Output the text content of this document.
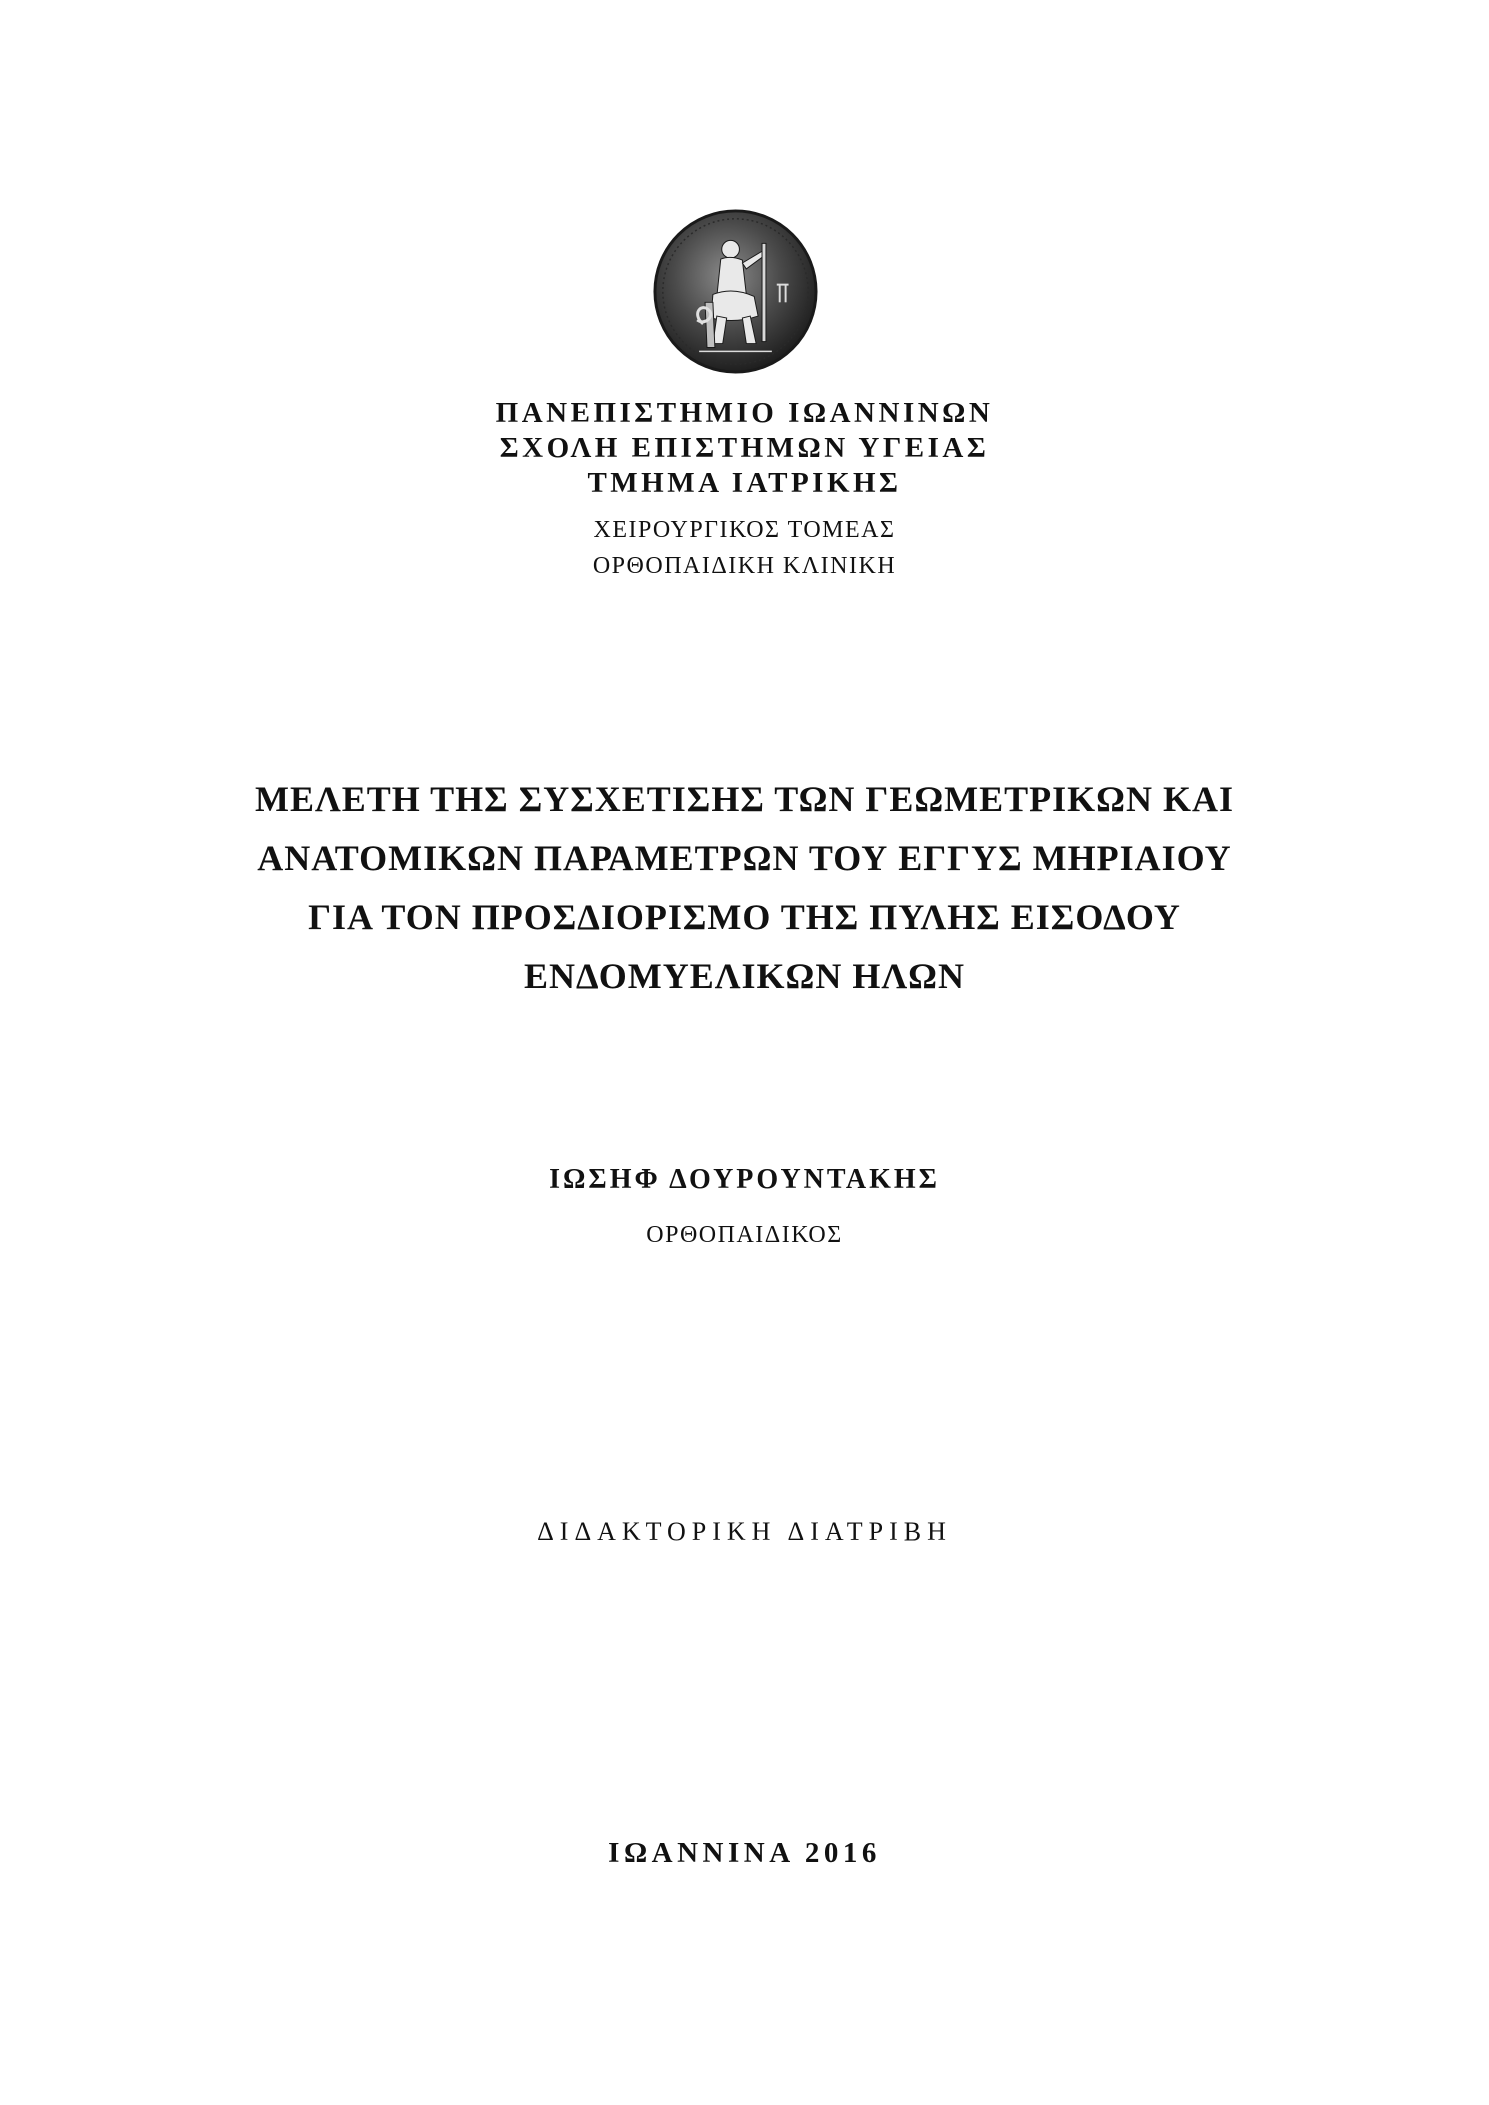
ΠΑΝΕΠΙΣΤΗΜΙΟ ΙΩΑΝΝΙΝΩΝ
ΣΧΟΛΗ ΕΠΙΣΤΗΜΩΝ ΥΓΕΙΑΣ
ΤΜΗΜΑ ΙΑΤΡΙΚΗΣ
ΧΕΙΡΟΥΡΓΙΚΟΣ ΤΟΜΕΑΣ
ΟΡΘΟΠΑΙΔΙΚΗ ΚΛΙΝΙΚΗ
ΜΕΛΕΤΗ ΤΗΣ ΣΥΣΧΕΤΙΣΗΣ ΤΩΝ ΓΕΩΜΕΤΡΙΚΩΝ ΚΑΙ
ΑΝΑΤΟΜΙΚΩΝ ΠΑΡΑΜΕΤΡΩΝ ΤΟΥ ΕΓΓΥΣ ΜΗΡΙΑΙΟΥ
ΓΙΑ ΤΟΝ ΠΡΟΣΔΙΟΡΙΣΜΟ ΤΗΣ ΠΥΛΗΣ ΕΙΣΟΔΟΥ
ΕΝΔΟΜΥΕΛΙΚΩΝ ΗΛΩΝ
ΙΩΣΗΦ ΔΟΥΡΟΥΝΤΑΚΗΣ
ΟΡΘΟΠΑΙΔΙΚΟΣ
ΔΙΔΑΚΤΟΡΙΚΗ ΔΙΑΤΡΙΒΗ
ΙΩΑΝΝΙΝΑ 2016
